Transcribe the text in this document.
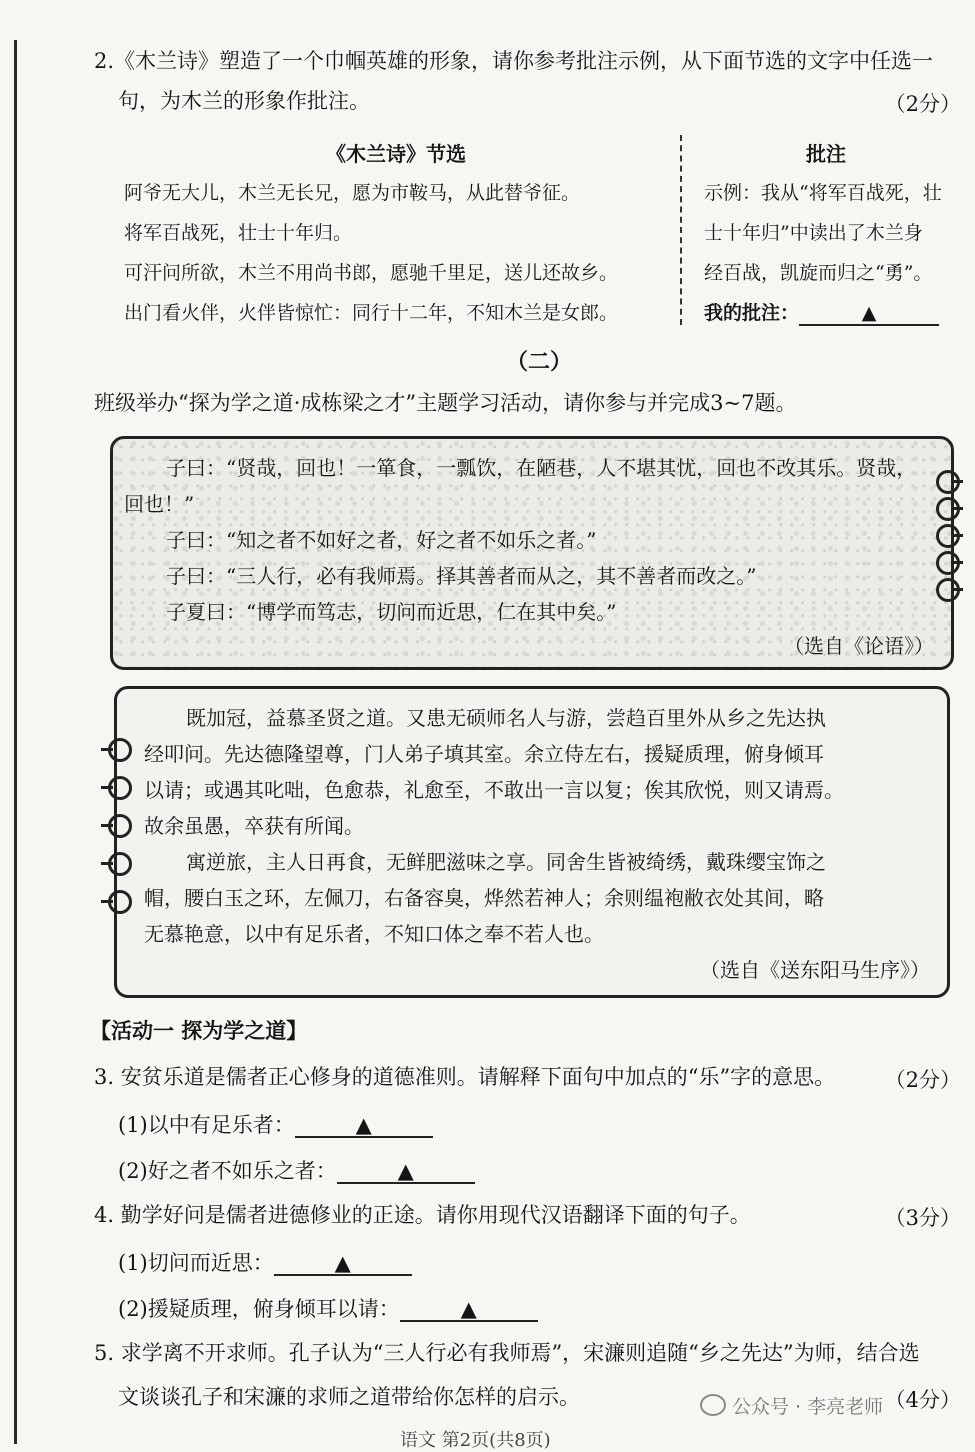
2.《木兰诗》塑造了一个巾帼英雄的形象，请你参考批注示例，从下面节选的文字中任选一
句，为木兰的形象作批注。	（2分）
《木兰诗》节选
阿爷无大儿，木兰无长兄，愿为市鞍马，从此替爷征。
将军百战死，壮士十年归。
可汗问所欲，木兰不用尚书郎，愿驰千里足，送儿还故乡。
出门看火伴，火伴皆惊忙：同行十二年，不知木兰是女郎。
批注
示例：我从“将军百战死，壮
士十年归”中读出了木兰身
经百战，凯旋而归之“勇”。
我的批注：	▲
（二）
班级举办“探为学之道·成栋梁之才”主题学习活动，请你参与并完成3~7题。
子曰：“贤哉，回也！一箪食，一瓢饮，在陋巷，人不堪其忧，回也不改其乐。贤哉，
回也！”
子曰：“知之者不如好之者，好之者不如乐之者。”
子曰：“三人行，必有我师焉。择其善者而从之，其不善者而改之。”
子夏曰：“博学而笃志，切问而近思，仁在其中矣。”
（选自《论语》）
既加冠，益慕圣贤之道。又患无硕师名人与游，尝趋百里外从乡之先达执
经叩问。先达德隆望尊，门人弟子填其室。余立侍左右，援疑质理，俯身倾耳
以请；或遇其叱咄，色愈恭，礼愈至，不敢出一言以复；俟其欣悦，则又请焉。
故余虽愚，卒获有所闻。
寓逆旅，主人日再食，无鲜肥滋味之享。同舍生皆被绮绣，戴珠缨宝饰之
帽，腰白玉之环，左佩刀，右备容臭，烨然若神人；余则缊袍敝衣处其间，略
无慕艳意，以中有足乐者，不知口体之奉不若人也。
（选自《送东阳马生序》）
【活动一 探为学之道】
3. 安贫乐道是儒者正心修身的道德准则。请解释下面句中加点的“乐”字的意思。 （2分）
(1)以中有足乐者：	▲
(2)好之者不如乐之者：	▲
4. 勤学好问是儒者进德修业的正途。请你用现代汉语翻译下面的句子。	（3分）
(1)切问而近思：	▲
(2)援疑质理，俯身倾耳以请：	▲
5. 求学离不开求师。孔子认为“三人行必有我师焉”，宋濂则追随“乡之先达”为师，结合选
文谈谈孔子和宋濂的求师之道带给你怎样的启示。	（4分）
公众号 · 李亮老师
语文 第2页(共8页)
